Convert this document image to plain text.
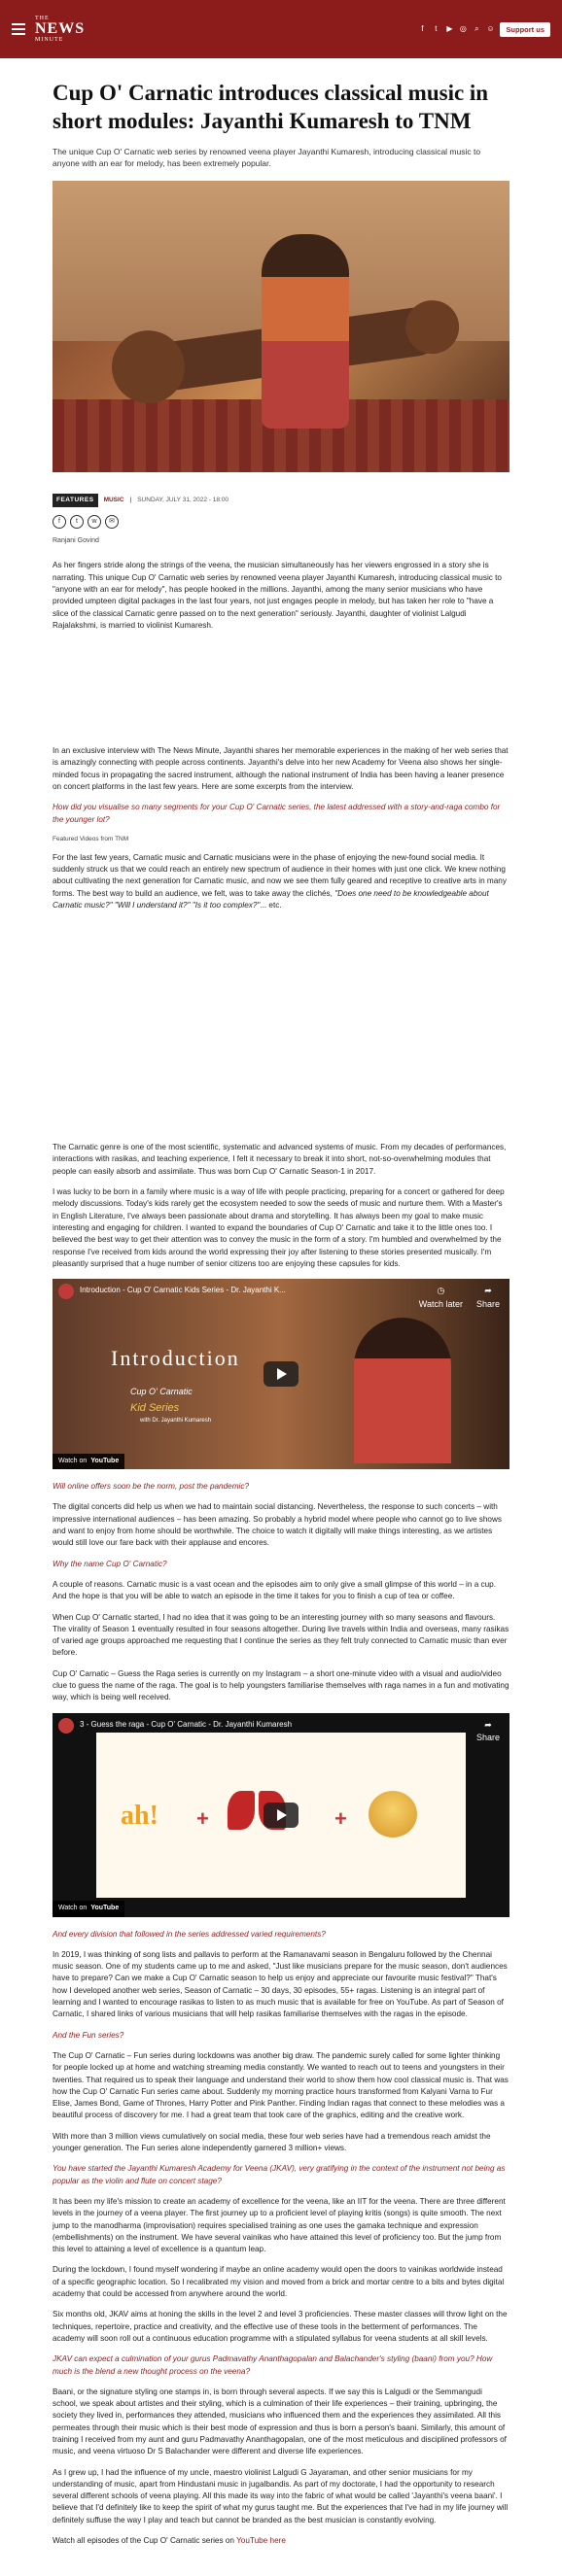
THE
NEWS
MINUTE
f	t	▶ ◎ ⌕ ☺	Support us
Cup O' Carnatic introduces classical music in short modules: Jayanthi Kumaresh to TNM
The unique Cup O' Carnatic web series by renowned veena player Jayanthi Kumaresh, introducing classical music to anyone with an ear for melody, has been extremely popular.
FEATURES	MUSIC | SUNDAY, JULY 31, 2022 - 18:00
f	t	w	✉
Ranjani Govind

As her fingers stride along the strings of the veena, the musician simultaneously has her viewers engrossed in a story she is narrating. This unique Cup O' Carnatic web series by renowned veena player Jayanthi Kumaresh, introducing classical music to "anyone with an ear for melody", has people hooked in the millions. Jayanthi, among the many senior musicians who have provided umpteen digital packages in the last four years, not just engages people in melody, but has taken her role to "have a slice of the classical Carnatic genre passed on to the next generation" seriously. Jayanthi, daughter of violinist Lalgudi Rajalakshmi, is married to violinist Kumaresh.

In an exclusive interview with The News Minute, Jayanthi shares her memorable experiences in the making of her web series that is amazingly connecting with people across continents. Jayanthi's delve into her new Academy for Veena also shows her single-minded focus in propagating the sacred instrument, although the national instrument of India has been having a leaner presence on concert platforms in the last few years. Here are some excerpts from the interview.

How did you visualise so many segments for your Cup O' Carnatic series, the latest addressed with a story-and-raga combo for the younger lot?
Featured Videos from TNM

For the last few years, Carnatic music and Carnatic musicians were in the phase of enjoying the new-found social media. It suddenly struck us that we could reach an entirely new spectrum of audience in their homes with just one click. We knew nothing about cultivating the next generation for Carnatic music, and now we see them fully geared and receptive to creative arts in many forms. The best way to build an audience, we felt, was to take away the clichés, "Does one need to be knowledgeable about Carnatic music?" "Will I understand it?" "Is it too complex?"... etc.

The Carnatic genre is one of the most scientific, systematic and advanced systems of music. From my decades of performances, interactions with rasikas, and teaching experience, I felt it necessary to break it into short, not-so-overwhelming modules that people can easily absorb and assimilate. Thus was born Cup O' Carnatic Season-1 in 2017.

I was lucky to be born in a family where music is a way of life with people practicing, preparing for a concert or gathered for deep melody discussions. Today's kids rarely get the ecosystem needed to sow the seeds of music and nurture them. With a Master's in English Literature, I've always been passionate about drama and storytelling. It has always been my goal to make music interesting and engaging for children. I wanted to expand the boundaries of Cup O' Carnatic and take it to the little ones too. I believed the best way to get their attention was to convey the music in the form of a story. I'm humbled and overwhelmed by the response I've received from kids around the world expressing their joy after listening to these stories presented musically. I'm pleasantly surprised that a huge number of senior citizens too are enjoying these capsules for kids.

Introduction - Cup O' Carnatic Kids Series - Dr. Jayanthi K...	◷
Watch later
➦
Share
Introduction
Cup O' Carnatic
Kid Series
with Dr. Jayanthi Kumaresh
Watch on YouTube
Will online offers soon be the norm, post the pandemic?

The digital concerts did help us when we had to maintain social distancing. Nevertheless, the response to such concerts – with impressive international audiences – has been amazing. So probably a hybrid model where people who cannot go to live shows and want to enjoy from home should be worthwhile. The choice to watch it digitally will make things interesting, as we artistes would still love our fare back with their applause and encores.

Why the name Cup O' Carnatic?

A couple of reasons. Carnatic music is a vast ocean and the episodes aim to only give a small glimpse of this world – in a cup. And the hope is that you will be able to watch an episode in the time it takes for you to finish a cup of tea or coffee.

When Cup O' Carnatic started, I had no idea that it was going to be an interesting journey with so many seasons and flavours. The virality of Season 1 eventually resulted in four seasons altogether. During live travels within India and overseas, many rasikas of varied age groups approached me requesting that I continue the series as they felt truly connected to Carnatic music than ever before.

Cup O' Carnatic – Guess the Raga series is currently on my Instagram – a short one-minute video with a visual and audio/video clue to guess the name of the raga. The goal is to help youngsters familiarise themselves with raga names in a fun and motivating way, which is being well received.

3 - Guess the raga - Cup O' Carnatic - Dr. Jayanthi Kumaresh	➦
Share
ah! +	+
Watch on YouTube
And every division that followed in the series addressed varied requirements?

In 2019, I was thinking of song lists and pallavis to perform at the Ramanavami season in Bengaluru followed by the Chennai music season. One of my students came up to me and asked, "Just like musicians prepare for the music season, don't audiences have to prepare? Can we make a Cup O' Carnatic season to help us enjoy and appreciate our favourite music festival?" That's how I developed another web series, Season of Carnatic – 30 days, 30 episodes, 55+ ragas. Listening is an integral part of learning and I wanted to encourage rasikas to listen to as much music that is available for free on YouTube. As part of Season of Carnatic, I shared links of various musicians that will help rasikas familiarise themselves with the ragas in the episode.

And the Fun series?

The Cup O' Carnatic – Fun series during lockdowns was another big draw. The pandemic surely called for some lighter thinking for people locked up at home and watching streaming media constantly. We wanted to reach out to teens and youngsters in their twenties. That required us to speak their language and understand their world to show them how cool classical music is. That was how the Cup O' Carnatic Fun series came about. Suddenly my morning practice hours transformed from Kalyani Varna to Fur Elise, James Bond, Game of Thrones, Harry Potter and Pink Panther. Finding Indian ragas that connect to these melodies was a beautiful process of discovery for me. I had a great team that took care of the graphics, editing and the creative work.

With more than 3 million views cumulatively on social media, these four web series have had a tremendous reach amidst the younger generation. The Fun series alone independently garnered 3 million+ views.

You have started the Jayanthi Kumaresh Academy for Veena (JKAV), very gratifying in the context of the instrument not being as popular as the violin and flute on concert stage?

It has been my life's mission to create an academy of excellence for the veena, like an IIT for the veena. There are three different levels in the journey of a veena player. The first journey up to a proficient level of playing kritis (songs) is quite smooth. The next jump to the manodharma (improvisation) requires specialised training as one uses the gamaka technique and expression (embellishments) on the instrument. We have several vainikas who have attained this level of proficiency too. But the jump from this level to attaining a level of excellence is a quantum leap.

During the lockdown, I found myself wondering if maybe an online academy would open the doors to vainikas worldwide instead of a specific geographic location. So I recalibrated my vision and moved from a brick and mortar centre to a bits and bytes digital academy that could be accessed from anywhere around the world.

Six months old, JKAV aims at honing the skills in the level 2 and level 3 proficiencies. These master classes will throw light on the techniques, repertoire, practice and creativity, and the effective use of these tools in the betterment of performances. The academy will soon roll out a continuous education programme with a stipulated syllabus for veena students at all skill levels.

JKAV can expect a culmination of your gurus Padmavathy Ananthagopalan and Balachander's styling (baani) from you? How much is the blend a new thought process on the veena?

Baani, or the signature styling one stamps in, is born through several aspects. If we say this is Lalgudi or the Semmangudi school, we speak about artistes and their styling, which is a culmination of their life experiences – their training, upbringing, the society they lived in, performances they attended, musicians who influenced them and the experiences they assimilated. All this permeates through their music which is their best mode of expression and thus is born a person's baani. Similarly, this amount of training I received from my aunt and guru Padmavathy Ananthagopalan, one of the most meticulous and disciplined professors of music, and veena virtuoso Dr S Balachander were different and diverse life experiences.

As I grew up, I had the influence of my uncle, maestro violinist Lalgudi G Jayaraman, and other senior musicians for my understanding of music, apart from Hindustani music in jugalbandis. As part of my doctorate, I had the opportunity to research several different schools of veena playing. All this made its way into the fabric of what would be called 'Jayanthi's veena baani'. I believe that I'd definitely like to keep the spirit of what my gurus taught me. But the experiences that I've had in my life journey will definitely suffuse the way I play and teach but cannot be branded as the best musician is constantly evolving.

Watch all episodes of the Cup O' Carnatic series on YouTube here
